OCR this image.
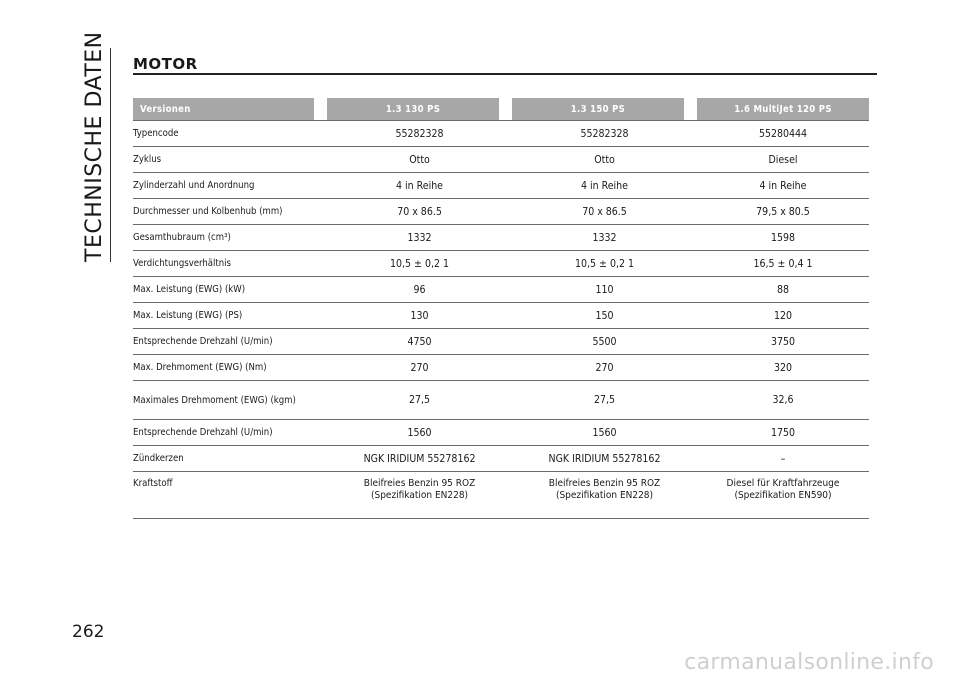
TECHNISCHE DATEN
262
MOTOR
Versionen		1.3 130 PS		1.3 150 PS		1.6 MultiJet 120 PS
Typencode		55282328		55282328		55280444
Zyklus		Otto		Otto		Diesel
Zylinderzahl und Anordnung		4 in Reihe		4 in Reihe		4 in Reihe
Durchmesser und Kolbenhub (mm)		70 x 86.5		70 x 86.5		79,5 x 80.5
Gesamthubraum (cm³)		1332		1332		1598
Verdichtungsverhältnis		10,5 ± 0,2 1		10,5 ± 0,2 1		16,5 ± 0,4 1
Max. Leistung (EWG) (kW)		96		110		88
Max. Leistung (EWG) (PS)		130		150		120
Entsprechende Drehzahl (U/min)		4750		5500		3750
Max. Drehmoment (EWG) (Nm)		270		270		320

Maximales Drehmoment (EWG) (kgm)		27,5		27,5		32,6
Entsprechende Drehzahl (U/min)		1560		1560		1750
Zündkerzen		NGK IRIDIUM 55278162		NGK IRIDIUM 55278162		–
Kraftstoff		Bleifreies Benzin 95 ROZ (Spezifikation EN228)		Bleifreies Benzin 95 ROZ (Spezifikation EN228)		Diesel für Kraftfahrzeuge (Spezifikation EN590)
carmanualsonline.info
